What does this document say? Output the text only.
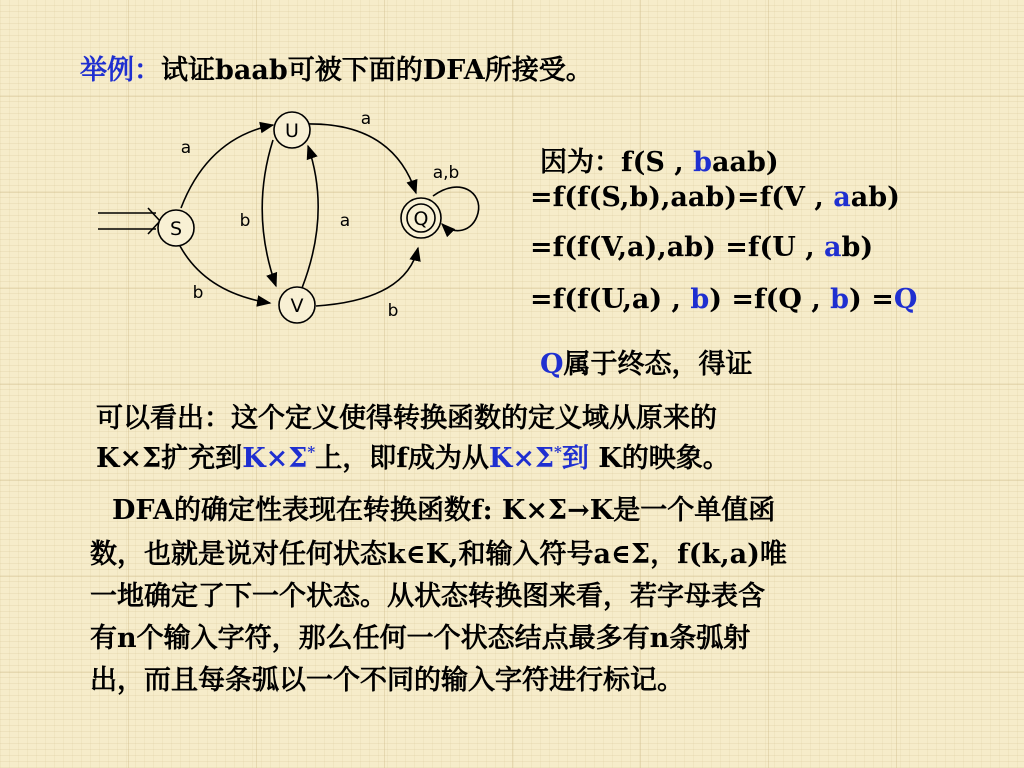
举例：试证baab可被下面的DFA所接受。
S
U
V
Q
a
a
a,b
b	a
b
b
因为：f(S , baab)
=f(f(S,b),aab)=f(V , aab)
=f(f(V,a),ab) =f(U , ab)
=f(f(U,a) , b) =f(Q , b) =Q
Q属于终态，得证
可以看出：这个定义使得转换函数的定义域从原来的
K×Σ扩充到K×Σ*上，即f成为从K×Σ*到 K的映象。
DFA的确定性表现在转换函数f: K×Σ→K是一个单值函
数，也就是说对任何状态k∈K,和输入符号a∈Σ，f(k,a)唯
一地确定了下一个状态。从状态转换图来看，若字母表含
有n个输入字符，那么任何一个状态结点最多有n条弧射
出，而且每条弧以一个不同的输入字符进行标记。
